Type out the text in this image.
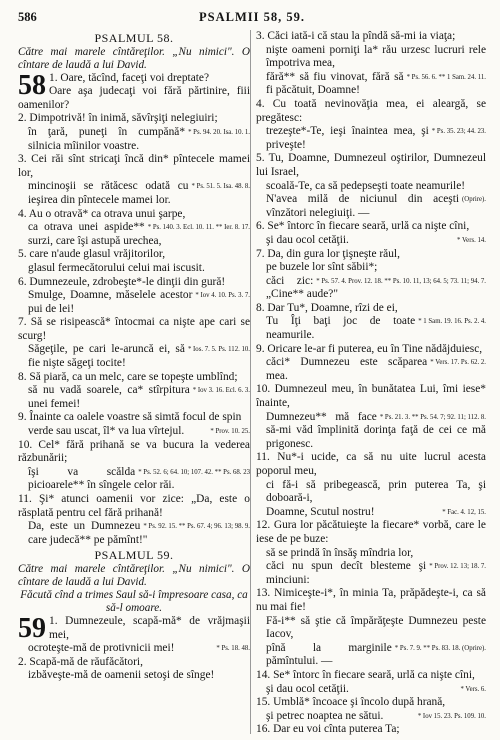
586	PSALMII 58, 59.

PSALMUL 58.

Către mai marele cîntăreţilor. „Nu nimici". O cîntare de laudă a lui David.

58 1. Oare, tăcînd, faceţi voi dreptate?

Oare aşa judecaţi voi fără părtinire, fiii oamenilor?

2. Dimpotrivă! în inimă, săvîrşiţi nelegiuiri;

* Ps. 94. 20. Isa. 10. 1.
în ţară, puneţi în cumpănă* silnicia mîinilor voastre.

3. Cei răi sînt stricaţi încă din* pîntecele mamei lor,

* Ps. 51. 5. Isa. 48. 8.
mincinoşii se rătăcesc odată cu ieşirea din pîntecele mamei lor.

4. Au o otravă* ca otrava unui şarpe,

* Ps. 140. 3. Ecl. 10. 11. ** Ier. 8. 17.
ca otrava unei aspide** surzi, care îşi astupă urechea,

5. care n'aude glasul vrăjitorilor,

glasul fermecătorului celui mai iscusit.

6. Dumnezeule, zdrobeşte*-le dinţii din gură!

* Iov 4. 10. Ps. 3. 7.
Smulge, Doamne, măselele acestor pui de lei!

7. Să se risipească* întocmai ca nişte ape cari se scurg!

* Ios. 7. 5. Ps. 112. 10.
Săgeţile, pe cari le-aruncă ei, să fie nişte săgeţi tocite!

8. Să piară, ca un melc, care se topeşte umblînd;

* Iov 3. 16. Ecl. 6. 3.
să nu vadă soarele, ca* stîrpitura unei femei!

9. Înainte ca oalele voastre să simtă focul de spin

* Prov. 10. 25.
verde sau uscat, îl* va lua vîrtejul.

10. Cel* fără prihană se va bucura la vederea răzbunării;

* Ps. 52. 6; 64. 10; 107. 42. ** Ps. 68. 23
îşi va scălda picioarele** în sîngele celor răi.

11. Şi* atunci oamenii vor zice: „Da, este o răsplată pentru cel fără prihană!

* Ps. 92. 15. ** Ps. 67. 4; 96. 13; 98. 9.
Da, este un Dumnezeu care judecă** pe pămînt!"

PSALMUL 59.

Către mai marele cîntăreţilor. „Nu nimici". O cîntare de laudă a lui David.

Făcută cînd a trimes Saul să-i împresoare casa, ca să-l omoare.

59 1. Dumnezeule, scapă-mă* de vrăjmaşii mei,

* Ps. 18. 48.
ocroteşte-mă de protivnicii mei!

2. Scapă-mă de răufăcători,

izbăveşte-mă de oamenii setoşi de sînge!

3. Căci iată-i că stau la pîndă să-mi ia viaţa;

nişte oameni porniţi la* rău urzesc lucruri rele împotriva mea,

* Ps. 56. 6. ** 1 Sam. 24. 11.
fără** să fiu vinovat, fără să fi păcătuit, Doamne!

4. Cu toată nevinovăţia mea, ei aleargă, se pregătesc:

* Ps. 35. 23; 44. 23.
trezeşte*-Te, ieşi înaintea mea, şi priveşte!

5. Tu, Doamne, Dumnezeul oştirilor, Dumnezeul lui Israel,

scoală-Te, ca să pedepseşti toate neamurile!

(Oprire).
N'avea milă de niciunul din aceşti vînzători nelegiuiţi. —

6. Se* întorc în fiecare seară, urlă ca nişte cîni,

* Vers. 14.
şi dau ocol cetăţii.

7. Da, din gura lor ţişneşte răul,

pe buzele lor sînt săbii*;

* Ps. 57. 4. Prov. 12. 18. ** Ps. 10. 11, 13; 64. 5; 73. 11; 94. 7.
căci zic: „Cine** aude?"

8. Dar Tu*, Doamne, rîzi de ei,

* 1 Sam. 19. 16. Ps. 2. 4.
Tu Îţi baţi joc de toate neamurile.

9. Oricare le-ar fi puterea, eu în Tine nădăjduiesc,

* Vers. 17. Ps. 62. 2.
căci* Dumnezeu este scăparea mea.

10. Dumnezeul meu, în bunătatea Lui, îmi iese* înainte,

* Ps. 21. 3. ** Ps. 54. 7; 92. 11; 112. 8.
Dumnezeu** mă face să-mi văd împlinită dorinţa faţă de cei ce mă prigonesc.

11. Nu*-i ucide, ca să nu uite lucrul acesta poporul meu,

ci fă-i să pribegească, prin puterea Ta, şi doboară-i,

* Fac. 4. 12, 15.
Doamne, Scutul nostru!

12. Gura lor păcătuieşte la fiecare* vorbă, care le iese de pe buze:

să se prindă în însăş mîndria lor,

* Prov. 12. 13; 18. 7.
căci nu spun decît blesteme şi minciuni:

13. Nimiceşte-i*, în minia Ta, prăpădeşte-i, ca să nu mai fie!

Fă-i** să ştie că împărăţeşte Dumnezeu peste Iacov,

* Ps. 7. 9. ** Ps. 83. 18. (Oprire).
pînă la marginile pămîntului. —

14. Se* întorc în fiecare seară, urlă ca nişte cîni,

* Vers. 6.
şi dau ocol cetăţii.

15. Umblă* încoace şi încolo după hrană,

* Iov 15. 23. Ps. 109. 10.
şi petrec noaptea ne sătui.

16. Dar eu voi cînta puterea Ta;
